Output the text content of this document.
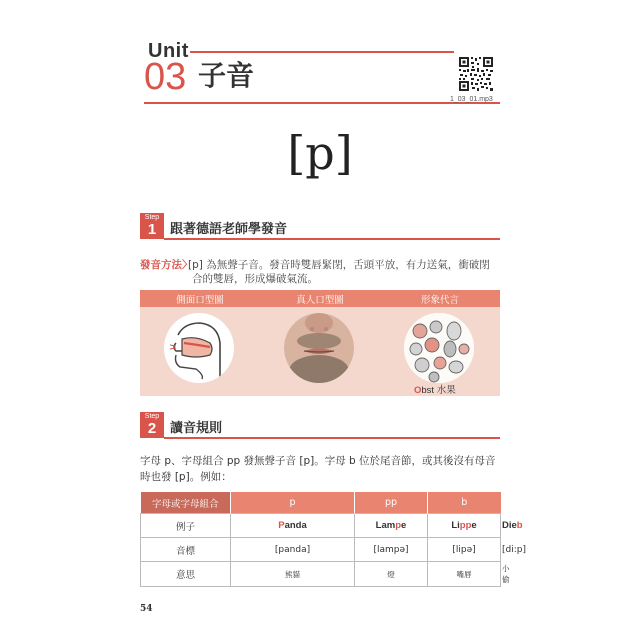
Unit
03 子音
1_03_01.mp3
[p]
Step
1	跟著德語老師學發音
發音方法〉
[p] 為無聲子音。發音時雙唇緊閉，舌頭平放，有力送氣，衝破閉
合的雙唇，形成爆破氣流。
側面口型圖	真人口型圖	形象代言
Obst 水果
Step
2	讀音規則
字母 p、字母組合 pp 發無聲子音 [p]。字母 b 位於尾音節，或其後沒有母音
時也發 [p]。例如：
字母或字母組合	p	pp	b	
例子	Panda	Lampe	Lippe	Dieb
音標	[panda]	[lampə]	[lipə]	[di:p]
意思	熊貓	燈	嘴唇	小偷
54
